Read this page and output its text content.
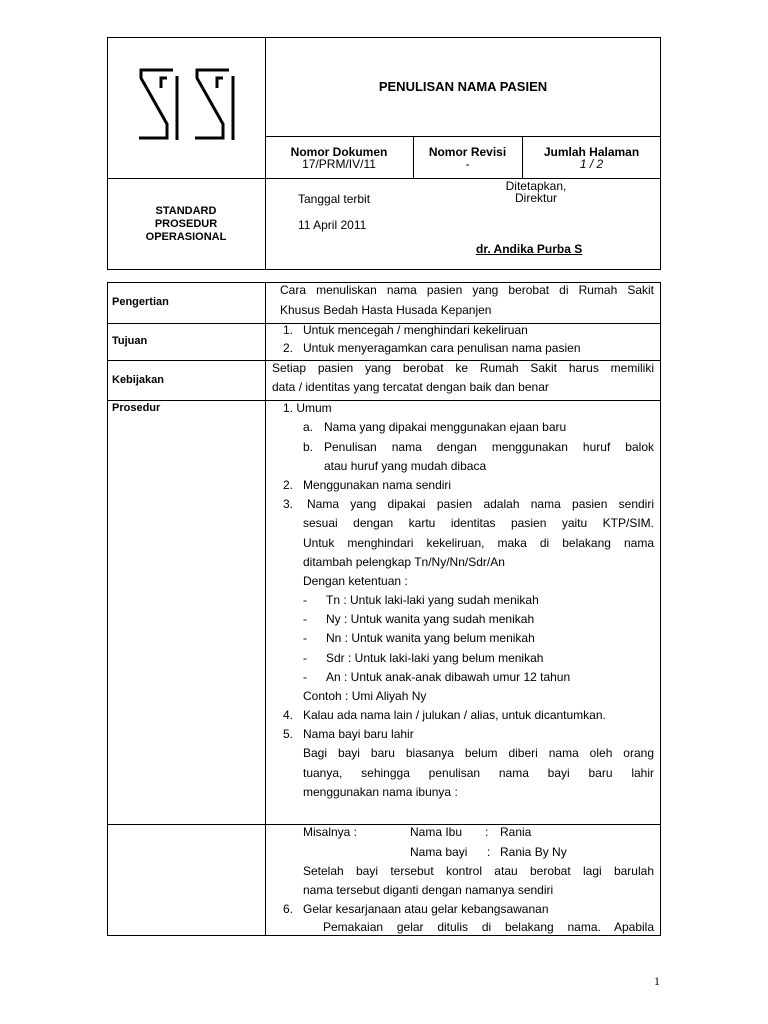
PENULISAN NAMA PASIEN
Nomor Dokumen
17/PRM/IV/11
Nomor Revisi
-
Jumlah Halaman
1 / 2
STANDARD
PROSEDUR
OPERASIONAL
Tanggal terbit
11 April 2011
Ditetapkan,
Direktur
dr. Andika Purba S
Pengertian
Cara menuliskan nama pasien yang berobat di Rumah Sakit
Khusus Bedah Hasta Husada Kepanjen
Tujuan
1. Untuk mencegah / menghindari kekeliruan
2. Untuk menyeragamkan cara penulisan nama pasien
Kebijakan
Setiap pasien yang berobat ke Rumah Sakit harus memiliki
data / identitas yang tercatat dengan baik dan benar
Prosedur	1. Umum
a. Nama yang dipakai menggunakan ejaan baru
b. Penulisan nama dengan menggunakan huruf balok
atau huruf yang mudah dibaca
2. Menggunakan nama sendiri
3. Nama yang dipakai pasien adalah nama pasien sendiri
sesuai dengan kartu identitas pasien yaitu KTP/SIM.
Untuk menghindari kekeliruan, maka di belakang nama
ditambah pelengkap Tn/Ny/Nn/Sdr/An
Dengan ketentuan :
- Tn : Untuk laki-laki yang sudah menikah
- Ny : Untuk wanita yang sudah menikah
- Nn : Untuk wanita yang belum menikah
- Sdr : Untuk laki-laki yang belum menikah
- An : Untuk anak-anak dibawah umur 12 tahun
Contoh : Umi Aliyah Ny
4. Kalau ada nama lain / julukan / alias, untuk dicantumkan.
5. Nama bayi baru lahir
Bagi bayi baru biasanya belum diberi nama oleh orang
tuanya, sehingga penulisan nama bayi baru lahir
menggunakan nama ibunya :
Misalnya :	Nama Ibu : Rania
Nama bayi : Rania By Ny
Setelah bayi tersebut kontrol atau berobat lagi barulah
nama tersebut diganti dengan namanya sendiri
6. Gelar kesarjanaan atau gelar kebangsawanan
Pemakaian gelar ditulis di belakang nama. Apabila
1
